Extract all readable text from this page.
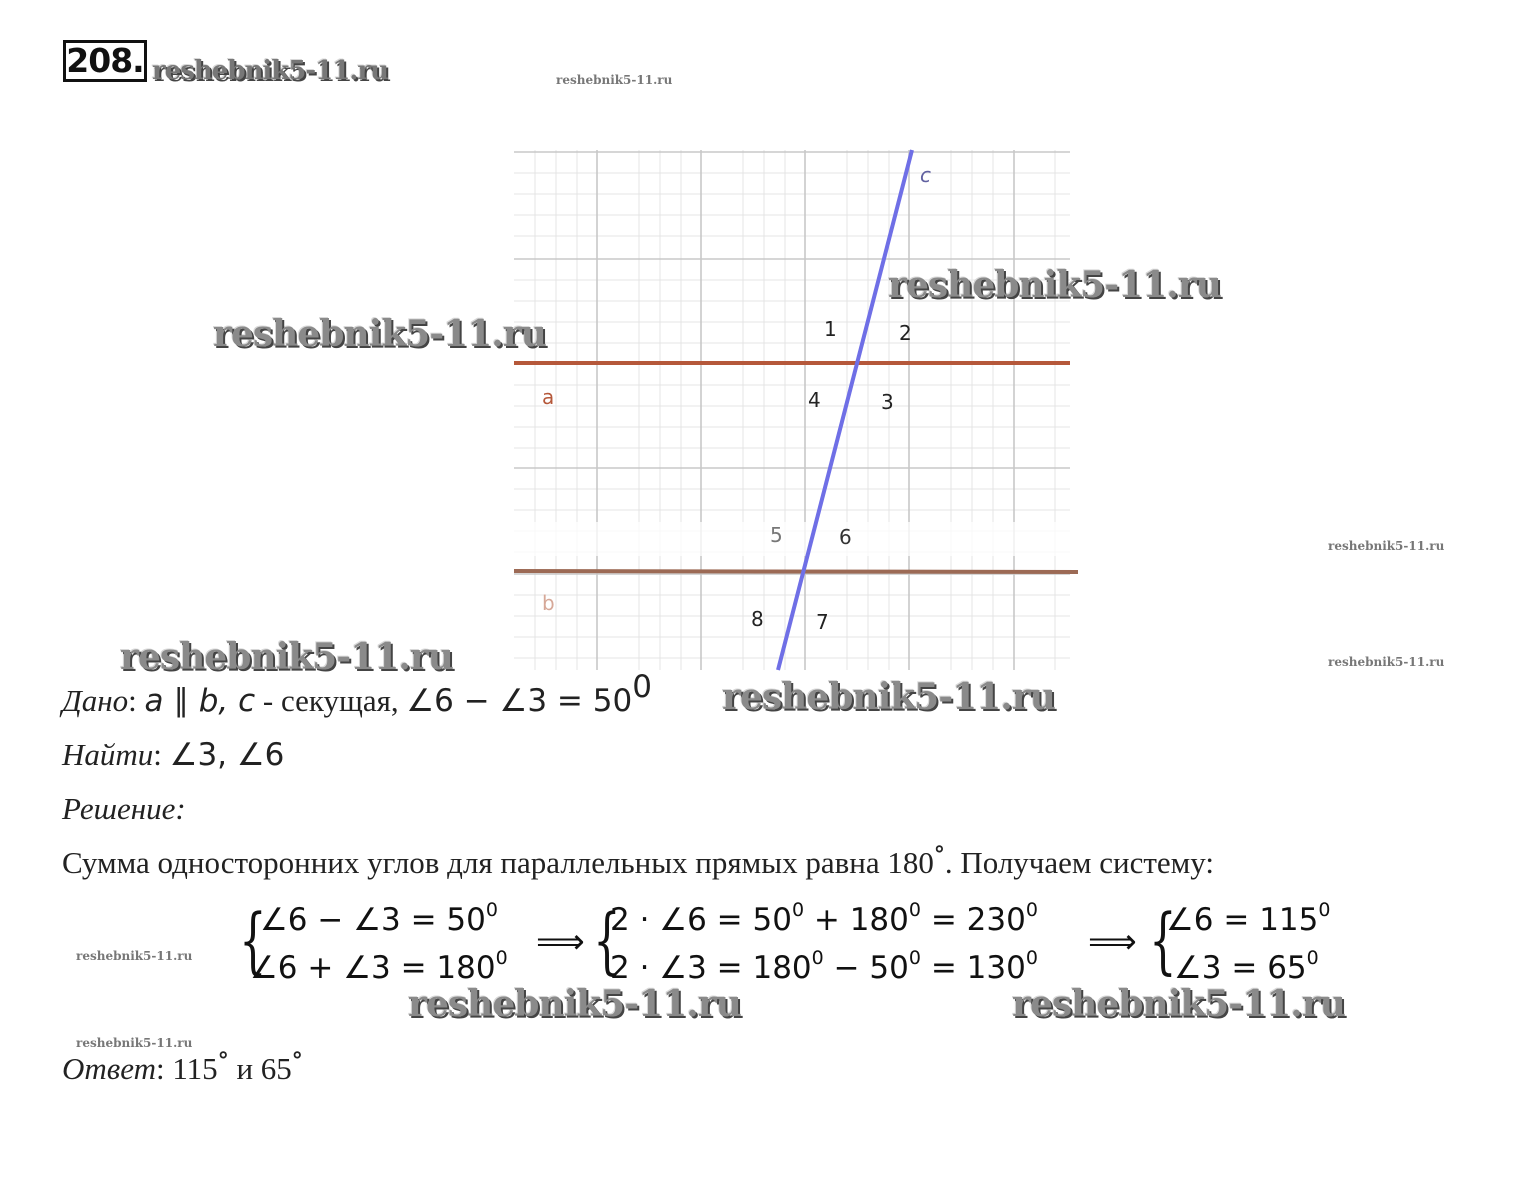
208. reshebnik5-11.ru	reshebnik5-11.ru
c
a
b
1	2
3
4
5	6
7
8
reshebnik5-11.ru
reshebnik5-11.ru
reshebnik5-11.ru
reshebnik5-11.ru	reshebnik5-11.ru
Дано: a ∥ b, c - секущая, ∠6 − ∠3 = $50^0$ reshebnik5-11.ru
Найти: ∠3, ∠6
Решение:
Сумма односторонних углов для параллельных прямых равна 180°. Получаем систему:
{
∠6 − ∠3 = $50^0$
∠6 + ∠3 = $180^0$ ⟹ {
2 · ∠6 = $50^0 + 180^0 = 230^0$
2 · ∠3 = $180^0 - 50^0 = 130^0$ ⟹ {
∠6 = $115^0$
∠3 = $65^0$
reshebnik5-11.ru
reshebnik5-11.ru	reshebnik5-11.ru
reshebnik5-11.ru
Ответ: 115° и 65°
